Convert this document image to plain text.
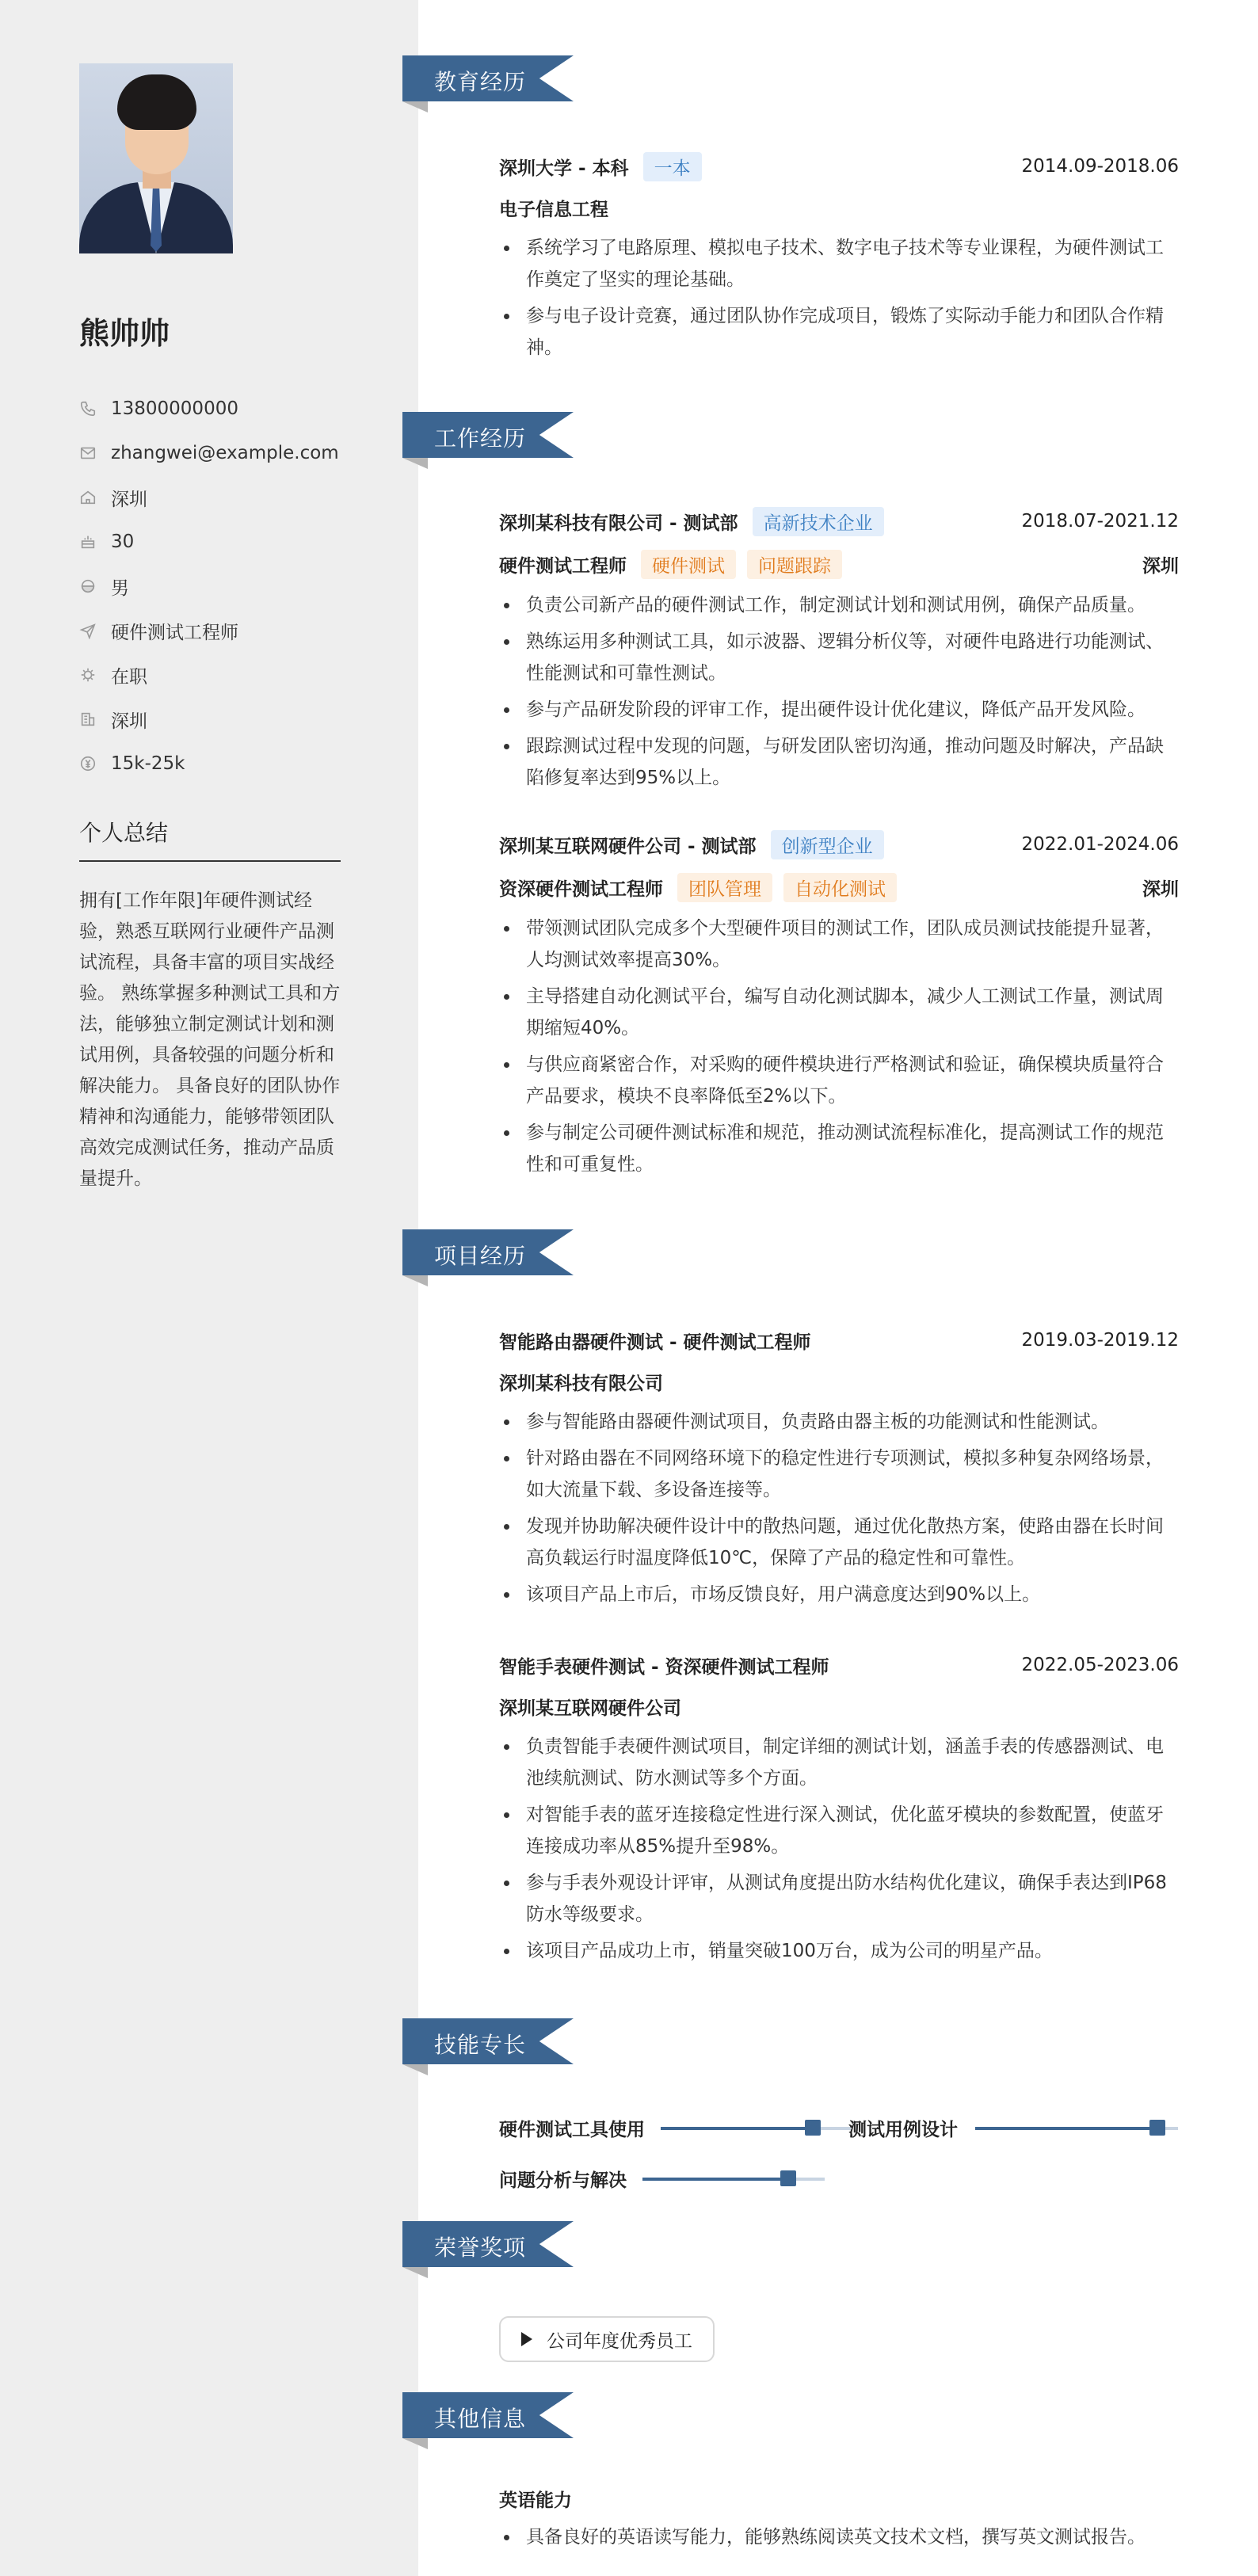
熊帅帅
13800000000
zhangwei@example.com
深圳
30
男
硬件测试工程师
在职
深圳
15k-25k
个人总结
拥有[工作年限]年硬件测试经验，熟悉互联网行业硬件产品测试流程，具备丰富的项目实战经验。 熟练掌握多种测试工具和方法，能够独立制定测试计划和测试用例，具备较强的问题分析和解决能力。 具备良好的团队协作精神和沟通能力，能够带领团队高效完成测试任务，推动产品质量提升。
教育经历
深圳大学 - 本科	一本	2014.09-2018.06
电子信息工程
系统学习了电路原理、模拟电子技术、数字电子技术等专业课程，为硬件测试工作奠定了坚实的理论基础。
参与电子设计竞赛，通过团队协作完成项目，锻炼了实际动手能力和团队合作精神。
工作经历
深圳某科技有限公司 - 测试部	高新技术企业	2018.07-2021.12
硬件测试工程师	硬件测试	问题跟踪	深圳
负责公司新产品的硬件测试工作，制定测试计划和测试用例，确保产品质量。
熟练运用多种测试工具，如示波器、逻辑分析仪等，对硬件电路进行功能测试、性能测试和可靠性测试。
参与产品研发阶段的评审工作，提出硬件设计优化建议，降低产品开发风险。
跟踪测试过程中发现的问题，与研发团队密切沟通，推动问题及时解决，产品缺陷修复率达到95%以上。
深圳某互联网硬件公司 - 测试部	创新型企业	2022.01-2024.06
资深硬件测试工程师	团队管理	自动化测试	深圳
带领测试团队完成多个大型硬件项目的测试工作，团队成员测试技能提升显著，人均测试效率提高30%。
主导搭建自动化测试平台，编写自动化测试脚本，减少人工测试工作量，测试周期缩短40%。
与供应商紧密合作，对采购的硬件模块进行严格测试和验证，确保模块质量符合产品要求，模块不良率降低至2%以下。
参与制定公司硬件测试标准和规范，推动测试流程标准化，提高测试工作的规范性和可重复性。
项目经历
智能路由器硬件测试 - 硬件测试工程师	2019.03-2019.12
深圳某科技有限公司
参与智能路由器硬件测试项目，负责路由器主板的功能测试和性能测试。
针对路由器在不同网络环境下的稳定性进行专项测试，模拟多种复杂网络场景，如大流量下载、多设备连接等。
发现并协助解决硬件设计中的散热问题，通过优化散热方案，使路由器在长时间高负载运行时温度降低10℃，保障了产品的稳定性和可靠性。
该项目产品上市后，市场反馈良好，用户满意度达到90%以上。
智能手表硬件测试 - 资深硬件测试工程师	2022.05-2023.06
深圳某互联网硬件公司
负责智能手表硬件测试项目，制定详细的测试计划，涵盖手表的传感器测试、电池续航测试、防水测试等多个方面。
对智能手表的蓝牙连接稳定性进行深入测试，优化蓝牙模块的参数配置，使蓝牙连接成功率从85%提升至98%。
参与手表外观设计评审，从测试角度提出防水结构优化建议，确保手表达到IP68防水等级要求。
该项目产品成功上市，销量突破100万台，成为公司的明星产品。
技能专长
硬件测试工具使用	测试用例设计
问题分析与解决
荣誉奖项
公司年度优秀员工
其他信息
英语能力
具备良好的英语读写能力，能够熟练阅读英文技术文档，撰写英文测试报告。
